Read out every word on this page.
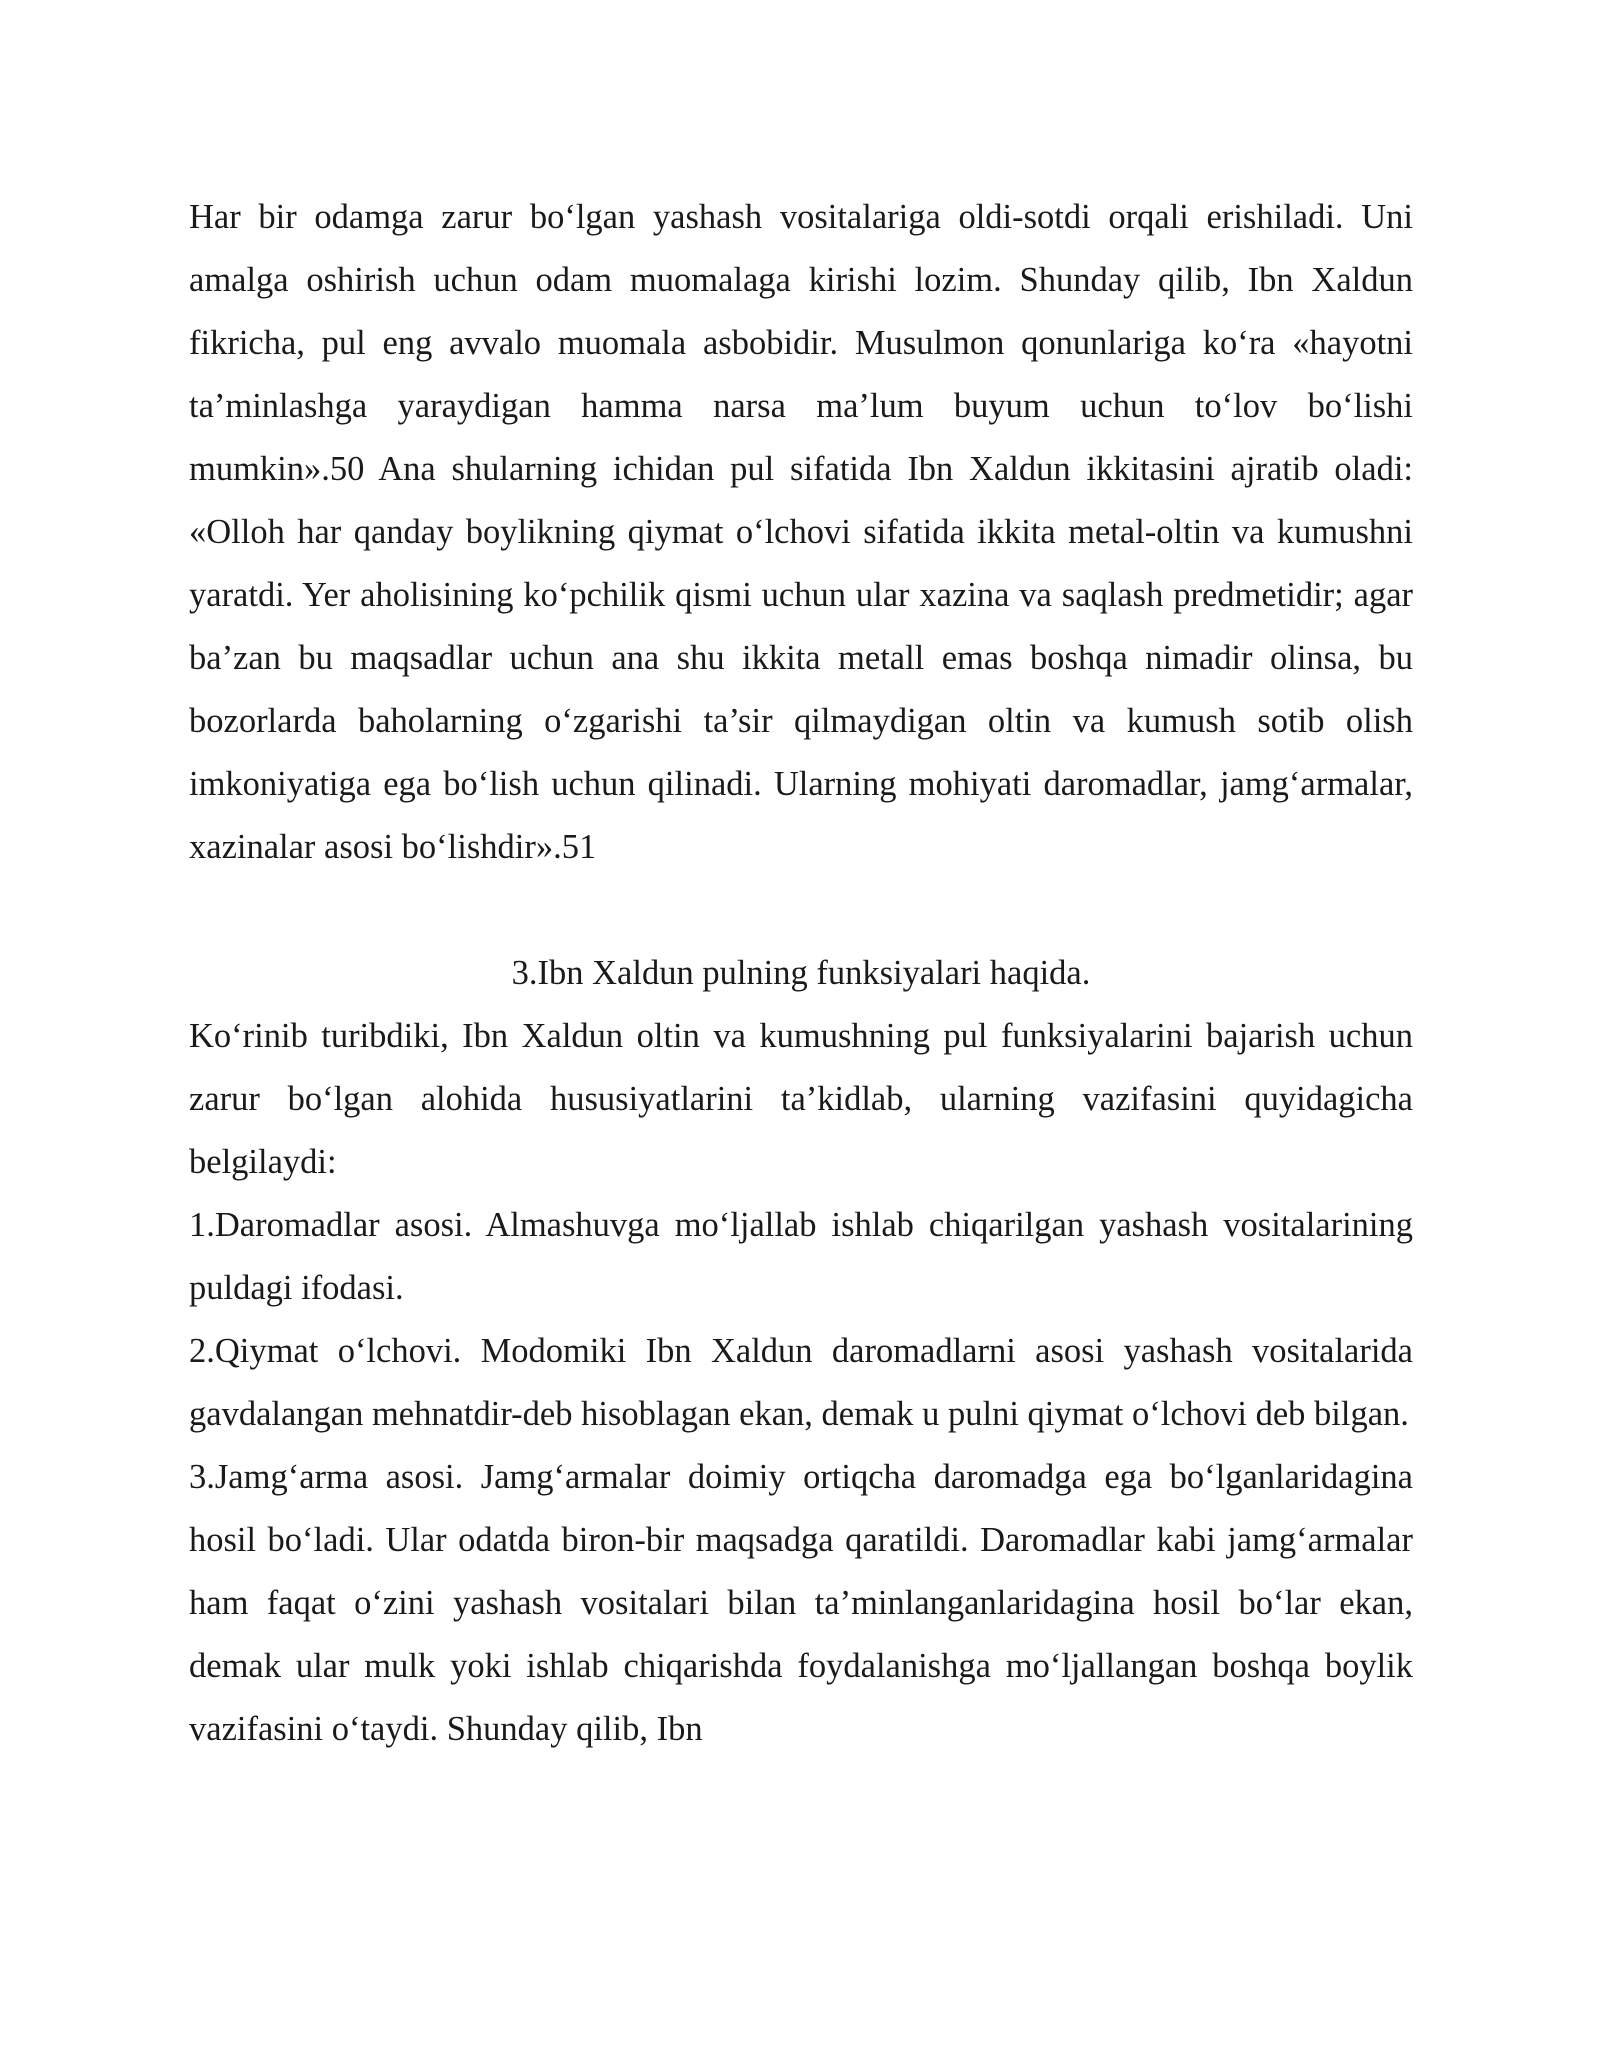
Har bir odamga zarur bo‘lgan yashash vositalariga oldi-sotdi orqali erishiladi. Uni amalga oshirish uchun odam muomalaga kirishi lozim. Shunday qilib, Ibn Xaldun fikricha, pul eng avvalo muomala asbobidir. Musulmon qonunlariga ko‘ra «hayotni ta’minlashga yaraydigan hamma narsa ma’lum buyum uchun to‘lov bo‘lishi mumkin».50 Ana shularning ichidan pul sifatida Ibn Xaldun ikkitasini ajratib oladi: «Olloh har qanday boylikning qiymat o‘lchovi sifatida ikkita metal-oltin va kumushni yaratdi. Yer aholisining ko‘pchilik qismi uchun ular xazina va saqlash predmetidir; agar ba’zan bu maqsadlar uchun ana shu ikkita metall emas boshqa nimadir olinsa, bu bozorlarda baholarning o‘zgarishi ta’sir qilmaydigan oltin va kumush sotib olish imkoniyatiga ega bo‘lish uchun qilinadi. Ularning mohiyati daromadlar, jamg‘armalar, xazinalar asosi bo‘lishdir».51

3.Ibn Xaldun pulning funksiyalari haqida.

Ko‘rinib turibdiki, Ibn Xaldun oltin va kumushning pul funksiyalarini bajarish uchun zarur bo‘lgan alohida hususiyatlarini ta’kidlab, ularning vazifasini quyidagicha belgilaydi:

1.Daromadlar asosi. Almashuvga mo‘ljallab ishlab chiqarilgan yashash vositalarining puldagi ifodasi.

2.Qiymat o‘lchovi. Modomiki Ibn Xaldun daromadlarni asosi yashash vositalarida gavdalangan mehnatdir-deb hisoblagan ekan, demak u pulni qiymat o‘lchovi deb bilgan.

3.Jamg‘arma asosi. Jamg‘armalar doimiy ortiqcha daromadga ega bo‘lganlaridagina hosil bo‘ladi. Ular odatda biron-bir maqsadga qaratildi. Daromadlar kabi jamg‘armalar ham faqat o‘zini yashash vositalari bilan ta’minlanganlaridagina hosil bo‘lar ekan, demak ular mulk yoki ishlab chiqarishda foydalanishga mo‘ljallangan boshqa boylik vazifasini o‘taydi. Shunday qilib, Ibn
